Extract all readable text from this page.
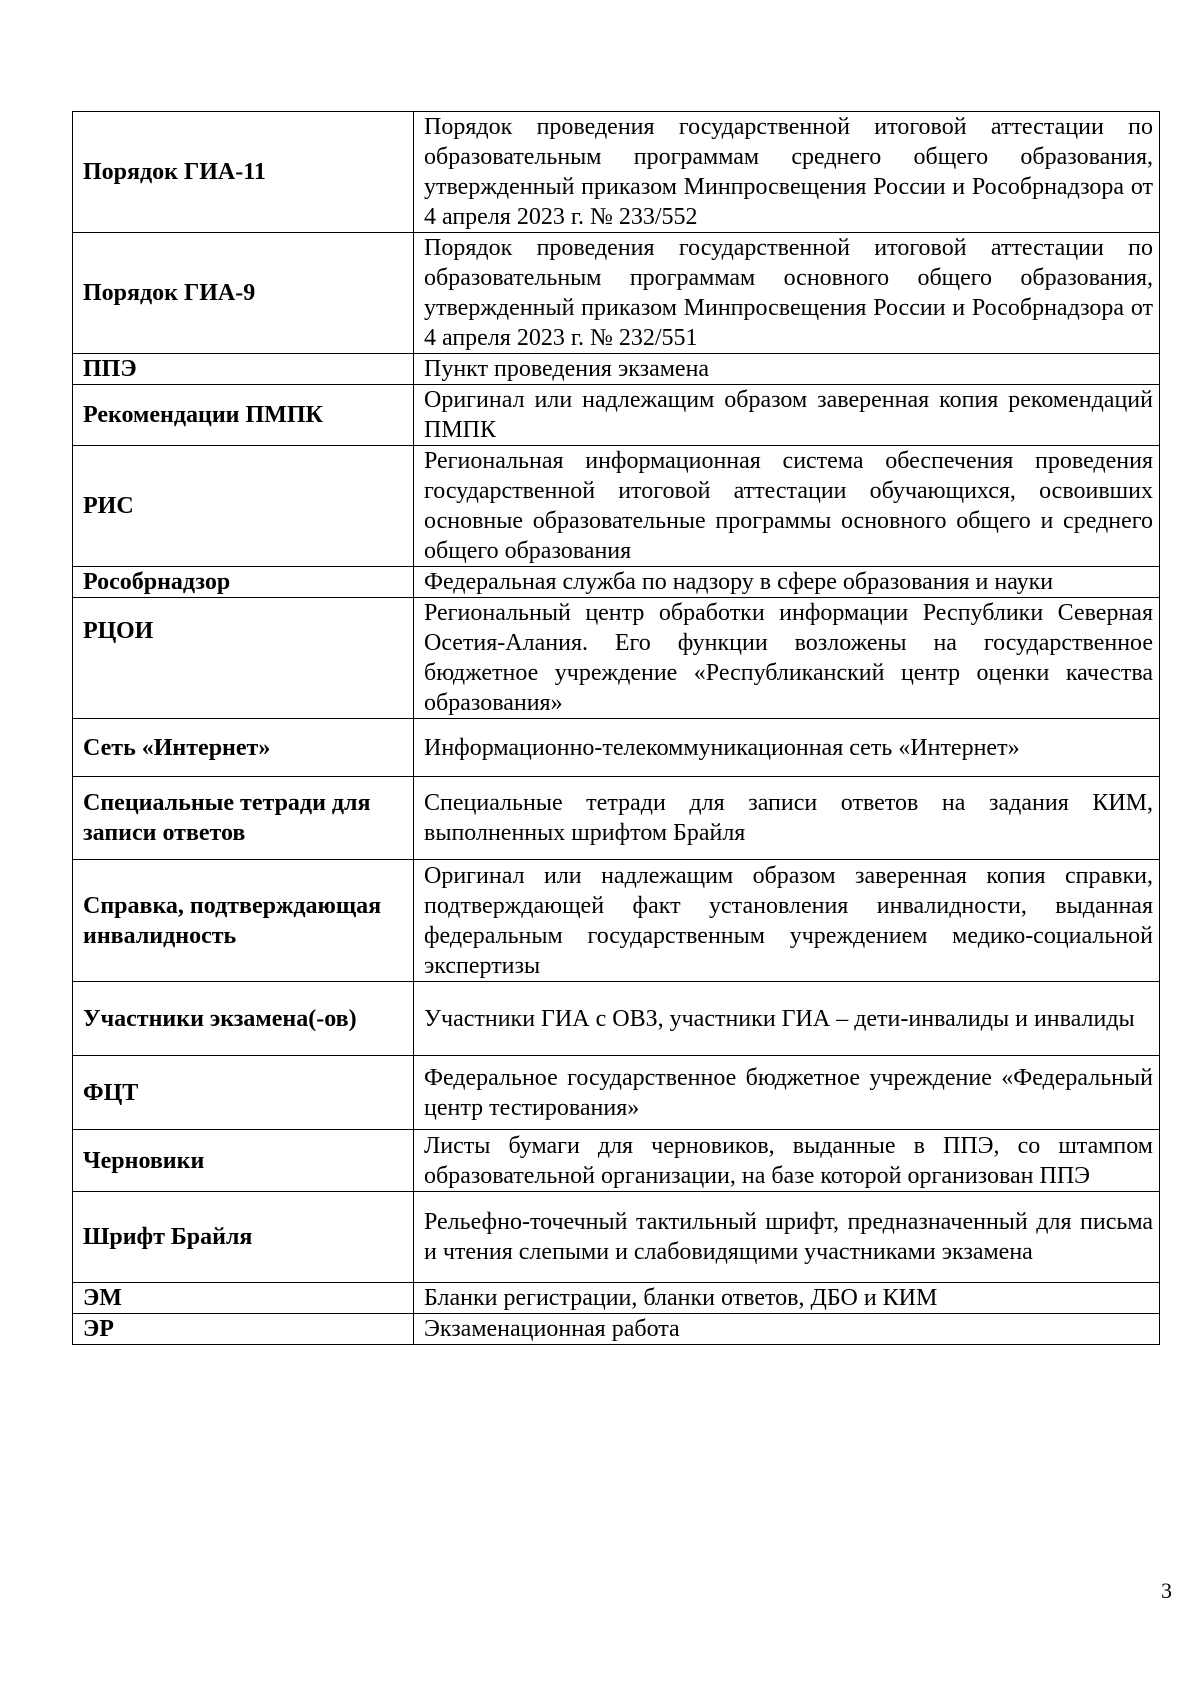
Порядок ГИА-11	Порядок проведения государственной итоговой аттестации по образовательным программам среднего общего образования, утвержденный приказом Минпросвещения России и Рособрнадзора от 4 апреля 2023 г. № 233/552
Порядок ГИА-9	Порядок проведения государственной итоговой аттестации по образовательным программам основного общего образования, утвержденный приказом Минпросвещения России и Рособрнадзора от 4 апреля 2023 г. № 232/551
ППЭ	Пункт проведения экзамена
Рекомендации ПМПК	Оригинал или надлежащим образом заверенная копия рекомендаций ПМПК
РИС	Региональная информационная система обеспечения проведения государственной итоговой аттестации обучающихся, освоивших основные образовательные программы основного общего и среднего общего образования
Рособрнадзор	Федеральная служба по надзору в сфере образования и науки
РЦОИ	Региональный центр обработки информации Республики Северная Осетия-Алания. Его функции возложены на государственное бюджетное учреждение «Республиканский центр оценки качества образования»
Сеть «Интернет»	Информационно-телекоммуникационная сеть «Интернет»
Специальные тетради для записи ответов	Специальные тетради для записи ответов на задания КИМ, выполненных шрифтом Брайля
Справка, подтверждающая инвалидность	Оригинал или надлежащим образом заверенная копия справки, подтверждающей факт установления инвалидности, выданная федеральным государственным учреждением медико-социальной экспертизы
Участники экзамена(-ов)	Участники ГИА с ОВЗ, участники ГИА – дети-инвалиды и инвалиды
ФЦТ	Федеральное государственное бюджетное учреждение «Федеральный центр тестирования»
Черновики	Листы бумаги для черновиков, выданные в ППЭ, со штампом образовательной организации, на базе которой организован ППЭ
Шрифт Брайля	Рельефно-точечный тактильный шрифт, предназначенный для письма и чтения слепыми и слабовидящими участниками экзамена
ЭМ	Бланки регистрации, бланки ответов, ДБО и КИМ
ЭР	Экзаменационная работа
3
